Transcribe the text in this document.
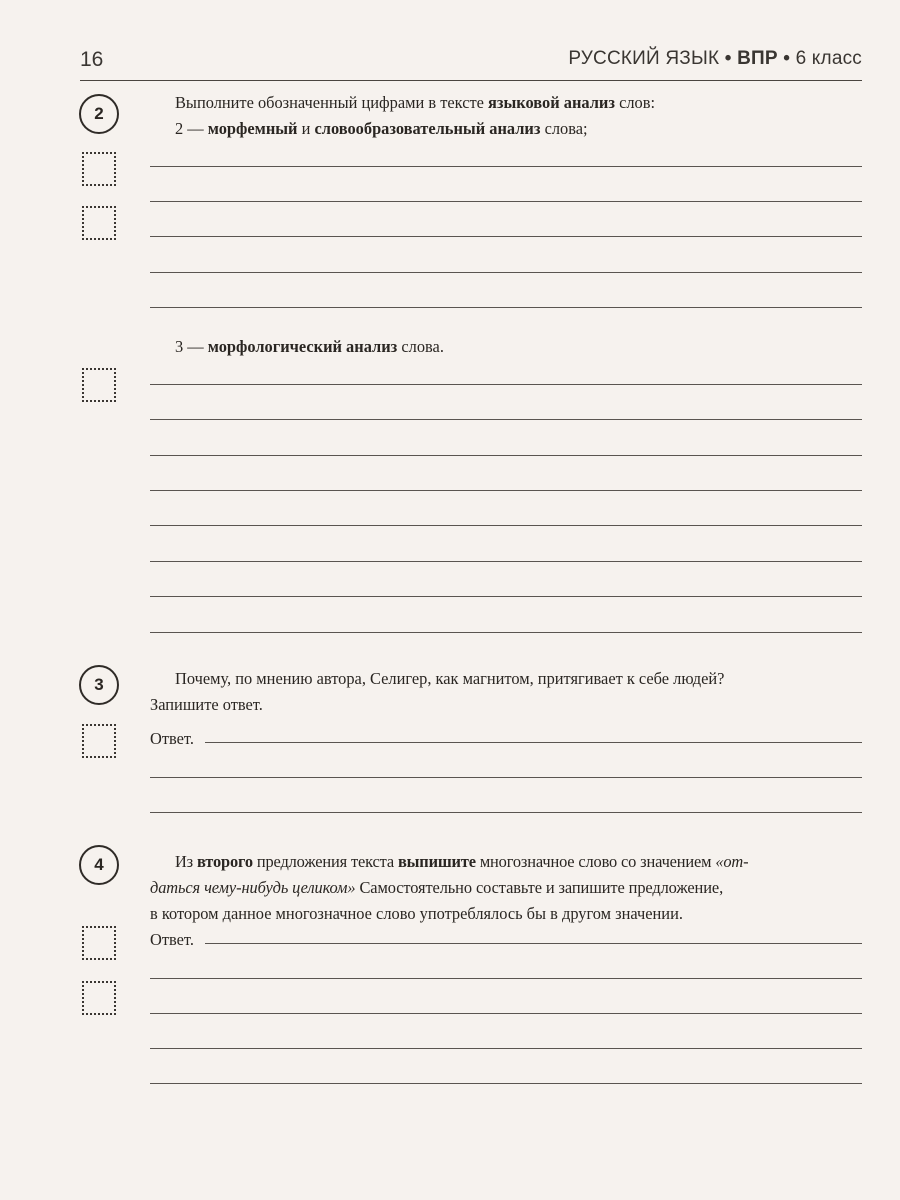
16	РУССКИЙ ЯЗЫК • ВПР • 6 класс
2
Выполните обозначенный цифрами в тексте языковой анализ слов:
2 — морфемный и словообразовательный анализ слова;
3 — морфологический анализ слова.
3	Почему, по мнению автора, Селигер, как магнитом, притягивает к себе людей?
Запишите ответ.
Ответ.
4	Из второго предложения текста выпишите многозначное слово со значением «от-
даться чему-нибудь целиком» Самостоятельно составьте и запишите предложение,
в котором данное многозначное слово употреблялось бы в другом значении.
Ответ.
